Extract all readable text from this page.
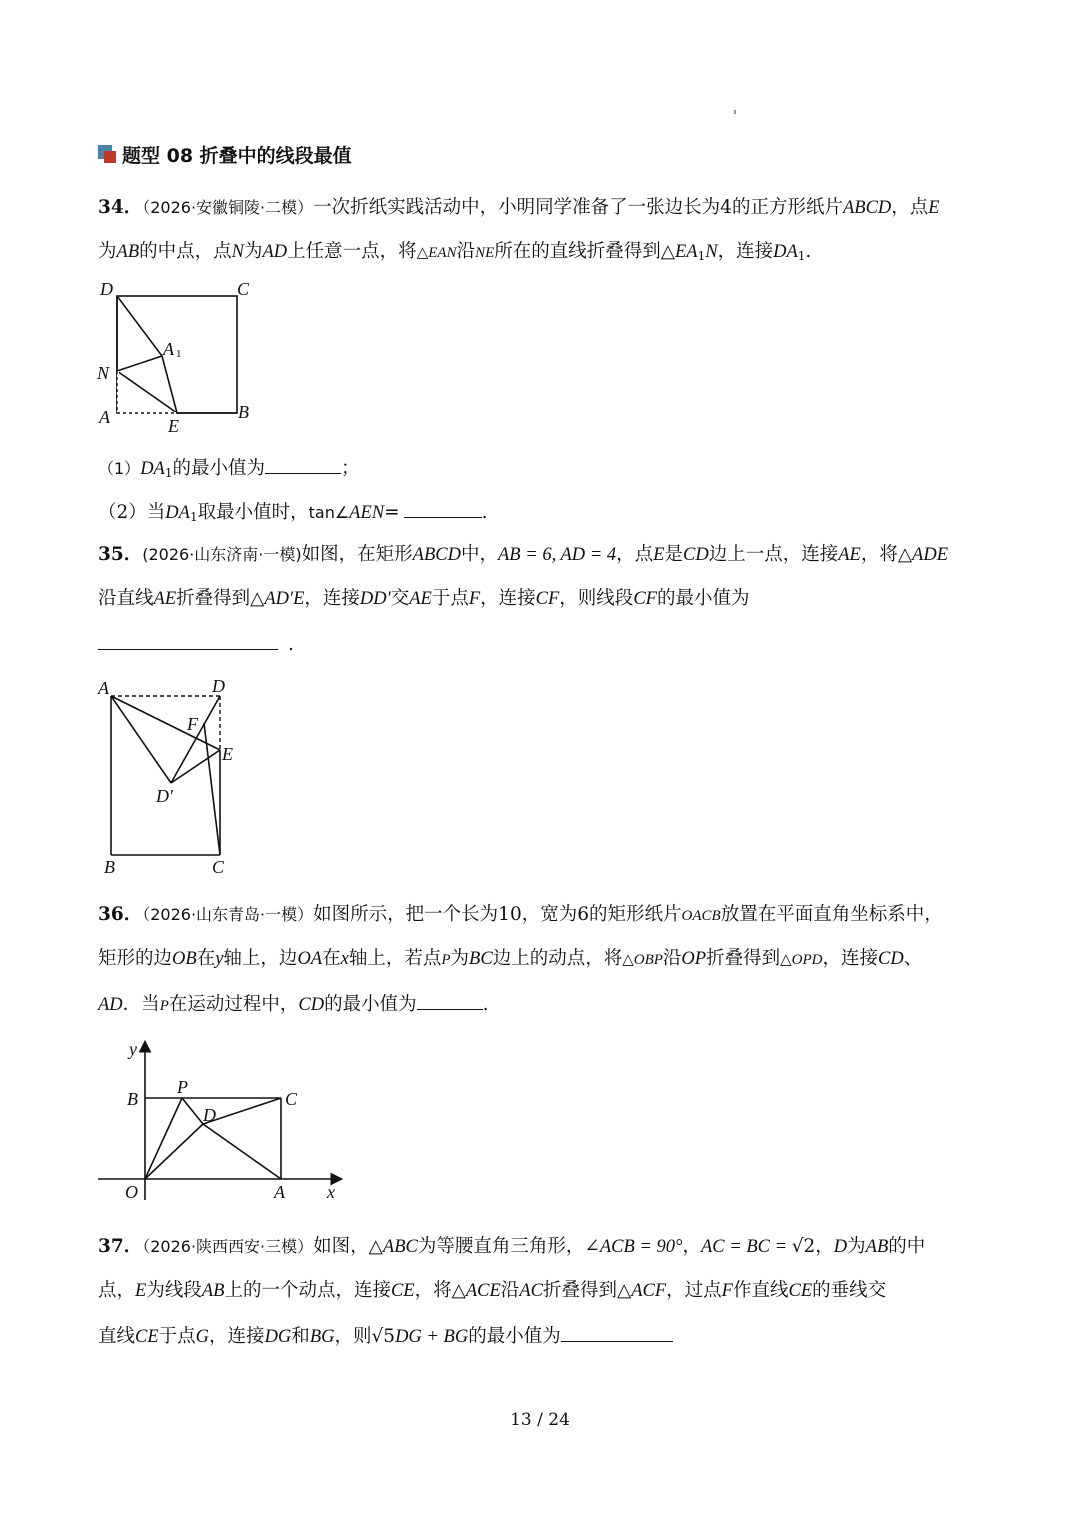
题型 08 折叠中的线段最值
34．（2026·安徽铜陵·二模）一次折纸实践活动中，小明同学准备了一张边长为4的正方形纸片ABCD，点E
为AB的中点，点N为AD上任意一点，将△EAN沿NE所在的直线折叠得到△EA1N，连接DA1.
D	C
A 1
N
A	B
E
（1）DA1的最小值为	；
（2）当DA1取最小值时，tan∠AEN=	.
35．(2026·山东济南·一模)如图，在矩形ABCD中，AB = 6, AD = 4，点E是CD边上一点，连接AE，将△ADE
沿直线AE折叠得到△AD′E，连接DD′交AE于点F，连接CF，则线段CF的最小值为
.
A	D
F
E
D′
B	C
36．（2026·山东青岛·一模）如图所示，把一个长为10，宽为6的矩形纸片OACB放置在平面直角坐标系中，
矩形的边OB在y轴上，边OA在x轴上，若点P为BC边上的动点，将△OBP沿OP折叠得到△OPD，连接CD、
AD．当P在运动过程中，CD的最小值为	.
y
B
P
C
D
O	A x
37．（2026·陕西西安·三模）如图，△ABC为等腰直角三角形，∠ACB = 90°，AC = BC = √2，D为AB的中
点，E为线段AB上的一个动点，连接CE，将△ACE沿AC折叠得到△ACF，过点F作直线CE的垂线交
直线CE于点G，连接DG和BG，则√5DG + BG的最小值为
13 / 24
